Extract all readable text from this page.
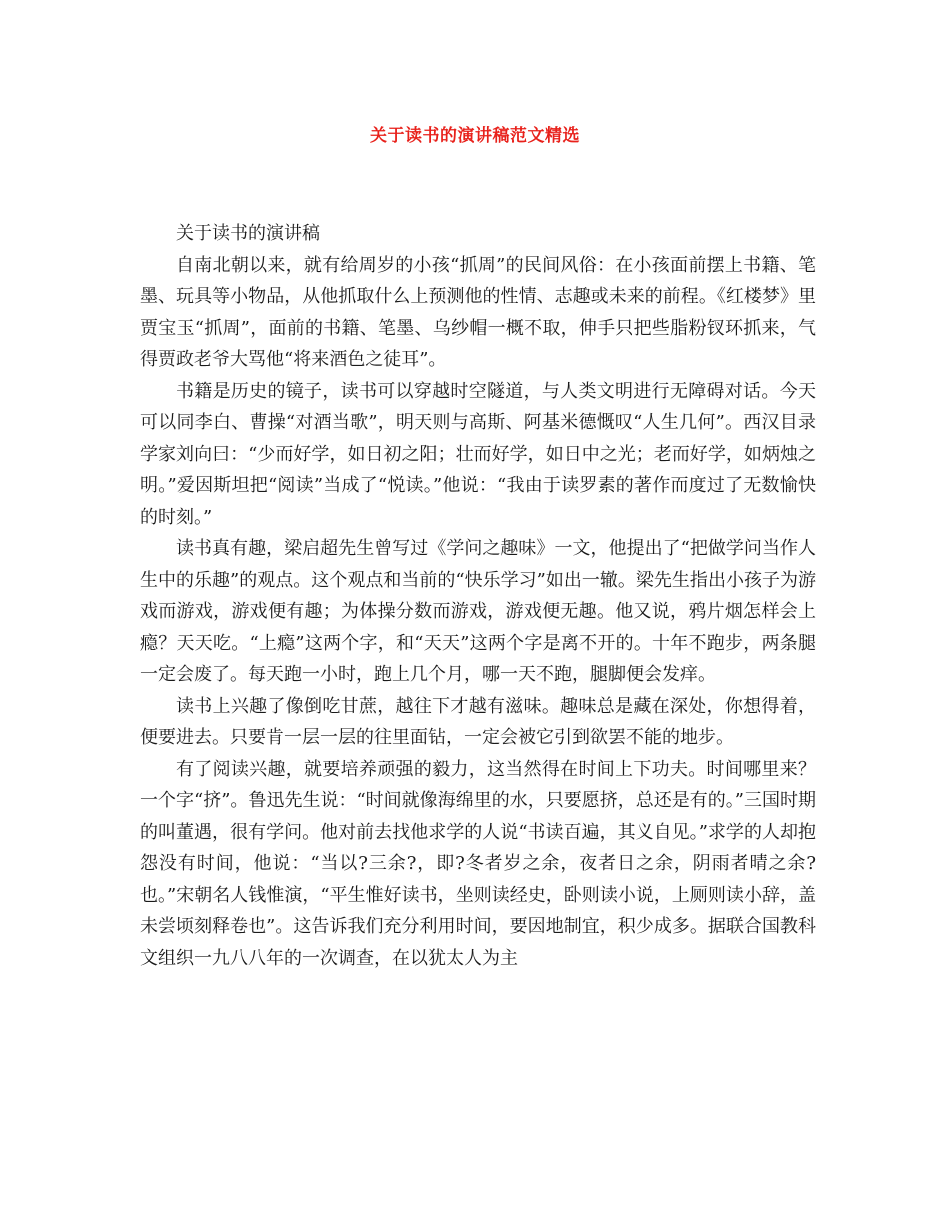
关于读书的演讲稿范文精选

关于读书的演讲稿

自南北朝以来，就有给周岁的小孩“抓周”的民间风俗：在小孩面前摆上书籍、笔墨、玩具等小物品，从他抓取什么上预测他的性情、志趣或未来的前程。《红楼梦》里贾宝玉“抓周”，面前的书籍、笔墨、乌纱帽一概不取，伸手只把些脂粉钗环抓来，气得贾政老爷大骂他“将来酒色之徒耳”。

书籍是历史的镜子，读书可以穿越时空隧道，与人类文明进行无障碍对话。今天可以同李白、曹操“对酒当歌”，明天则与高斯、阿基米德慨叹“人生几何”。西汉目录学家刘向曰：“少而好学，如日初之阳；壮而好学，如日中之光；老而好学，如炳烛之明。”爱因斯坦把“阅读”当成了“悦读。”他说：“我由于读罗素的著作而度过了无数愉快的时刻。”

读书真有趣，梁启超先生曾写过《学问之趣味》一文，他提出了“把做学问当作人生中的乐趣”的观点。这个观点和当前的“快乐学习”如出一辙。梁先生指出小孩子为游戏而游戏，游戏便有趣；为体操分数而游戏，游戏便无趣。他又说，鸦片烟怎样会上瘾？天天吃。“上瘾”这两个字，和“天天”这两个字是离不开的。十年不跑步，两条腿一定会废了。每天跑一小时，跑上几个月，哪一天不跑，腿脚便会发痒。

读书上兴趣了像倒吃甘蔗，越往下才越有滋味。趣味总是藏在深处，你想得着，便要进去。只要肯一层一层的往里面钻，一定会被它引到欲罢不能的地步。

有了阅读兴趣，就要培养顽强的毅力，这当然得在时间上下功夫。时间哪里来？一个字“挤”。鲁迅先生说：“时间就像海绵里的水，只要愿挤，总还是有的。”三国时期的叫董遇，很有学问。他对前去找他求学的人说“书读百遍，其义自见。”求学的人却抱怨没有时间，他说：“当以?三余?，即?冬者岁之余，夜者日之余，阴雨者晴之余?也。”宋朝名人钱惟演，“平生惟好读书，坐则读经史，卧则读小说，上厕则读小辞，盖未尝顷刻释卷也”。这告诉我们充分利用时间，要因地制宜，积少成多。据联合国教科文组织一九八八年的一次调查，在以犹太人为主
